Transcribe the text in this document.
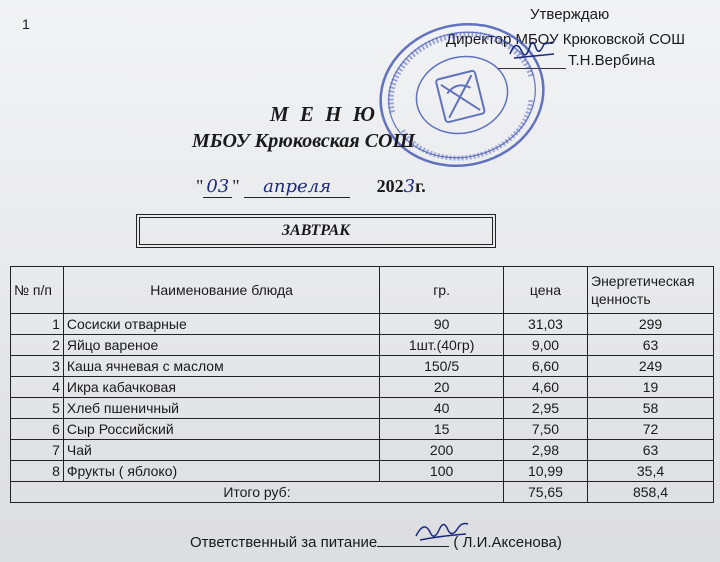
1
Утверждаю
Директор МБОУ Крюковской СОШ
Т.Н.Вербина
М Е Н Ю
МБОУ Крюковская СОШ
" 03 " апреля	2023г.
ЗАВТРАК
№ п/п	Наименование блюда	гр.	цена	Энергетическая ценность
1	Сосиски отварные	90	31,03	299
2	Яйцо вареное	1шт.(40гр)	9,00	63
3	Каша ячневая с маслом	150/5	6,60	249
4	Икра кабачковая	20	4,60	19
5	Хлеб пшеничный	40	2,95	58
6	Сыр Российский	15	7,50	72
7	Чай	200	2,98	63
8	Фрукты ( яблоко)	100	10,99	35,4
Итого руб:			75,65	858,4
Ответственный за питание	( Л.И.Аксенова)
